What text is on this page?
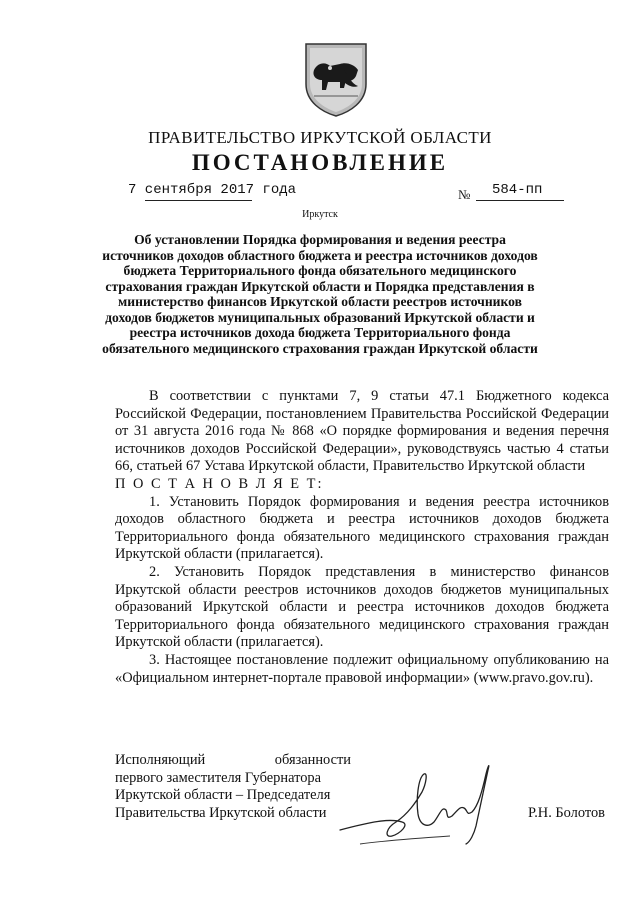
ПРАВИТЕЛЬСТВО ИРКУТСКОЙ ОБЛАСТИ
ПОСТАНОВЛЕНИЕ
7 сентября 2017 года	№ 584-пп
Иркутск
Об установлении Порядка формирования и ведения реестра источников доходов областного бюджета и реестра источников доходов бюджета Территориального фонда обязательного медицинского страхования граждан Иркутской области и Порядка представления в министерство финансов Иркутской области реестров источников доходов бюджетов муниципальных образований Иркутской области и реестра источников дохода бюджета Территориального фонда обязательного медицинского страхования граждан Иркутской области

В соответствии с пунктами 7, 9 статьи 47.1 Бюджетного кодекса Российской Федерации, постановлением Правительства Российской Федерации от 31 августа 2016 года № 868 «О порядке формирования и ведения перечня источников доходов Российской Федерации», руководствуясь частью 4 статьи 66, статьей 67 Устава Иркутской области, Правительство Иркутской области

П О С Т А Н О В Л Я Е Т:

1. Установить Порядок формирования и ведения реестра источников доходов областного бюджета и реестра источников доходов бюджета Территориального фонда обязательного медицинского страхования граждан Иркутской области (прилагается).

2. Установить Порядок представления в министерство финансов Иркутской области реестров источников доходов бюджетов муниципальных образований Иркутской области и реестра источников доходов бюджета Территориального фонда обязательного медицинского страхования граждан Иркутской области (прилагается).

3. Настоящее постановление подлежит официальному опубликованию на «Официальном интернет-портале правовой информации» (www.pravo.gov.ru).

Исполняющий обязанности
первого заместителя Губернатора
Иркутской области – Председателя
Правительства Иркутской области	Р.Н. Болотов
